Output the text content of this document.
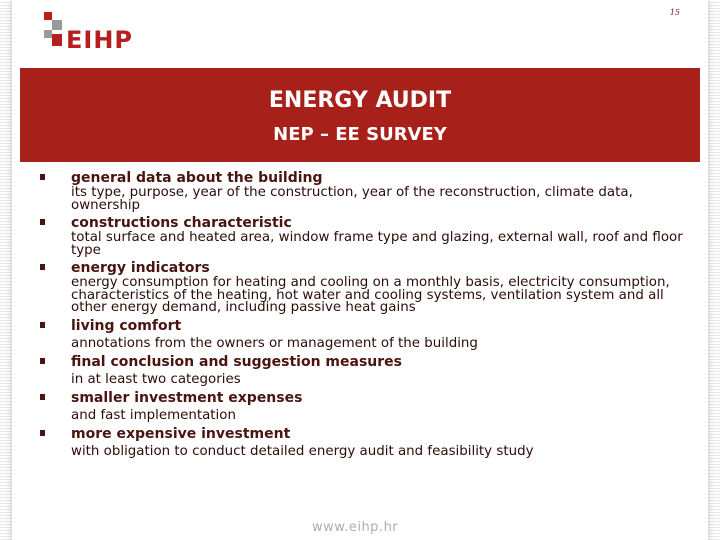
15
EIHP
ENERGY AUDIT
NEP – EE SURVEY
general data about the building
its type, purpose, year of the construction, year of the reconstruction, climate data, ownership
constructions characteristic
total surface and heated area, window frame type and glazing, external wall, roof and floor type
energy indicators
energy consumption for heating and cooling on a monthly basis, electricity consumption, characteristics of the heating, hot water and cooling systems, ventilation system and all other energy demand, including passive heat gains
living comfort
annotations from the owners or management of the building
final conclusion and suggestion measures
in at least two categories
smaller investment expenses
and fast implementation
more expensive investment
with obligation to conduct detailed energy audit and feasibility study
www.eihp.hr
